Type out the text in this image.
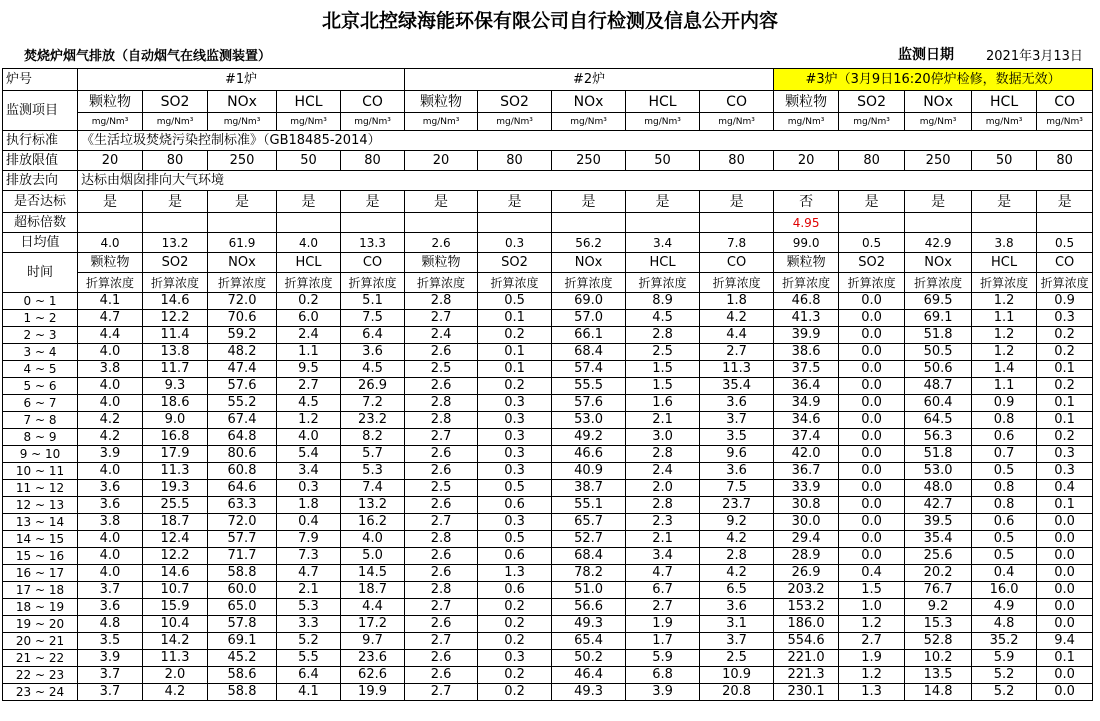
北京北控绿海能环保有限公司自行检测及信息公开内容
焚烧炉烟气排放（自动烟气在线监测装置）	监测日期 2021年3月13日
炉号	#1炉					#2炉					#3炉（3月9日16:20停炉检修，数据无效）				
监测项目	颗粒物	SO2	NOx	HCL	CO	颗粒物	SO2	NOx	HCL	CO	颗粒物	SO2	NOx	HCL	CO
	mg/Nm³	mg/Nm³	mg/Nm³	mg/Nm³	mg/Nm³	mg/Nm³	mg/Nm³	mg/Nm³	mg/Nm³	mg/Nm³	mg/Nm³	mg/Nm³	mg/Nm³	mg/Nm³	mg/Nm³
执行标准	《生活垃圾焚烧污染控制标准》（GB18485-2014）														
排放限值	20	80	250	50	80	20	80	250	50	80	20	80	250	50	80
排放去向	达标由烟囱排向大气环境														
是否达标	是	是	是	是	是	是	是	是	是	是	否	是	是	是	是
超标倍数											4.95				
日均值	4.0	13.2	61.9	4.0	13.3	2.6	0.3	56.2	3.4	7.8	99.0	0.5	42.9	3.8	0.5
时间	颗粒物	SO2	NOx	HCL	CO	颗粒物	SO2	NOx	HCL	CO	颗粒物	SO2	NOx	HCL	CO
	折算浓度	折算浓度	折算浓度	折算浓度	折算浓度	折算浓度	折算浓度	折算浓度	折算浓度	折算浓度	折算浓度	折算浓度	折算浓度	折算浓度	折算浓度
0 ~ 1	4.1	14.6	72.0	0.2	5.1	2.8	0.5	69.0	8.9	1.8	46.8	0.0	69.5	1.2	0.9
1 ~ 2	4.7	12.2	70.6	6.0	7.5	2.7	0.1	57.0	4.5	4.2	41.3	0.0	69.1	1.1	0.3
2 ~ 3	4.4	11.4	59.2	2.4	6.4	2.4	0.2	66.1	2.8	4.4	39.9	0.0	51.8	1.2	0.2
3 ~ 4	4.0	13.8	48.2	1.1	3.6	2.6	0.1	68.4	2.5	2.7	38.6	0.0	50.5	1.2	0.2
4 ~ 5	3.8	11.7	47.4	9.5	4.5	2.5	0.1	57.4	1.5	11.3	37.5	0.0	50.6	1.4	0.1
5 ~ 6	4.0	9.3	57.6	2.7	26.9	2.6	0.2	55.5	1.5	35.4	36.4	0.0	48.7	1.1	0.2
6 ~ 7	4.0	18.6	55.2	4.5	7.2	2.8	0.3	57.6	1.6	3.6	34.9	0.0	60.4	0.9	0.1
7 ~ 8	4.2	9.0	67.4	1.2	23.2	2.8	0.3	53.0	2.1	3.7	34.6	0.0	64.5	0.8	0.1
8 ~ 9	4.2	16.8	64.8	4.0	8.2	2.7	0.3	49.2	3.0	3.5	37.4	0.0	56.3	0.6	0.2
9 ~ 10	3.9	17.9	80.6	5.4	5.7	2.6	0.3	46.6	2.8	9.6	42.0	0.0	51.8	0.7	0.3
10 ~ 11	4.0	11.3	60.8	3.4	5.3	2.6	0.3	40.9	2.4	3.6	36.7	0.0	53.0	0.5	0.3
11 ~ 12	3.6	19.3	64.6	0.3	7.4	2.5	0.5	38.7	2.0	7.5	33.9	0.0	48.0	0.8	0.4
12 ~ 13	3.6	25.5	63.3	1.8	13.2	2.6	0.6	55.1	2.8	23.7	30.8	0.0	42.7	0.8	0.1
13 ~ 14	3.8	18.7	72.0	0.4	16.2	2.7	0.3	65.7	2.3	9.2	30.0	0.0	39.5	0.6	0.0
14 ~ 15	4.0	12.4	57.7	7.9	4.0	2.8	0.5	52.7	2.1	4.2	29.4	0.0	35.4	0.5	0.0
15 ~ 16	4.0	12.2	71.7	7.3	5.0	2.6	0.6	68.4	3.4	2.8	28.9	0.0	25.6	0.5	0.0
16 ~ 17	4.0	14.6	58.8	4.7	14.5	2.6	1.3	78.2	4.7	4.2	26.9	0.4	20.2	0.4	0.0
17 ~ 18	3.7	10.7	60.0	2.1	18.7	2.8	0.6	51.0	6.7	6.5	203.2	1.5	76.7	16.0	0.0
18 ~ 19	3.6	15.9	65.0	5.3	4.4	2.7	0.2	56.6	2.7	3.6	153.2	1.0	9.2	4.9	0.0
19 ~ 20	4.8	10.4	57.8	3.3	17.2	2.6	0.2	49.3	1.9	3.1	186.0	1.2	15.3	4.8	0.0
20 ~ 21	3.5	14.2	69.1	5.2	9.7	2.7	0.2	65.4	1.7	3.7	554.6	2.7	52.8	35.2	9.4
21 ~ 22	3.9	11.3	45.2	5.5	23.6	2.6	0.3	50.2	5.9	2.5	221.0	1.9	10.2	5.9	0.1
22 ~ 23	3.7	2.0	58.6	6.4	62.6	2.6	0.2	46.4	6.8	10.9	221.3	1.2	13.5	5.2	0.0
23 ~ 24	3.7	4.2	58.8	4.1	19.9	2.7	0.2	49.3	3.9	20.8	230.1	1.3	14.8	5.2	0.0
